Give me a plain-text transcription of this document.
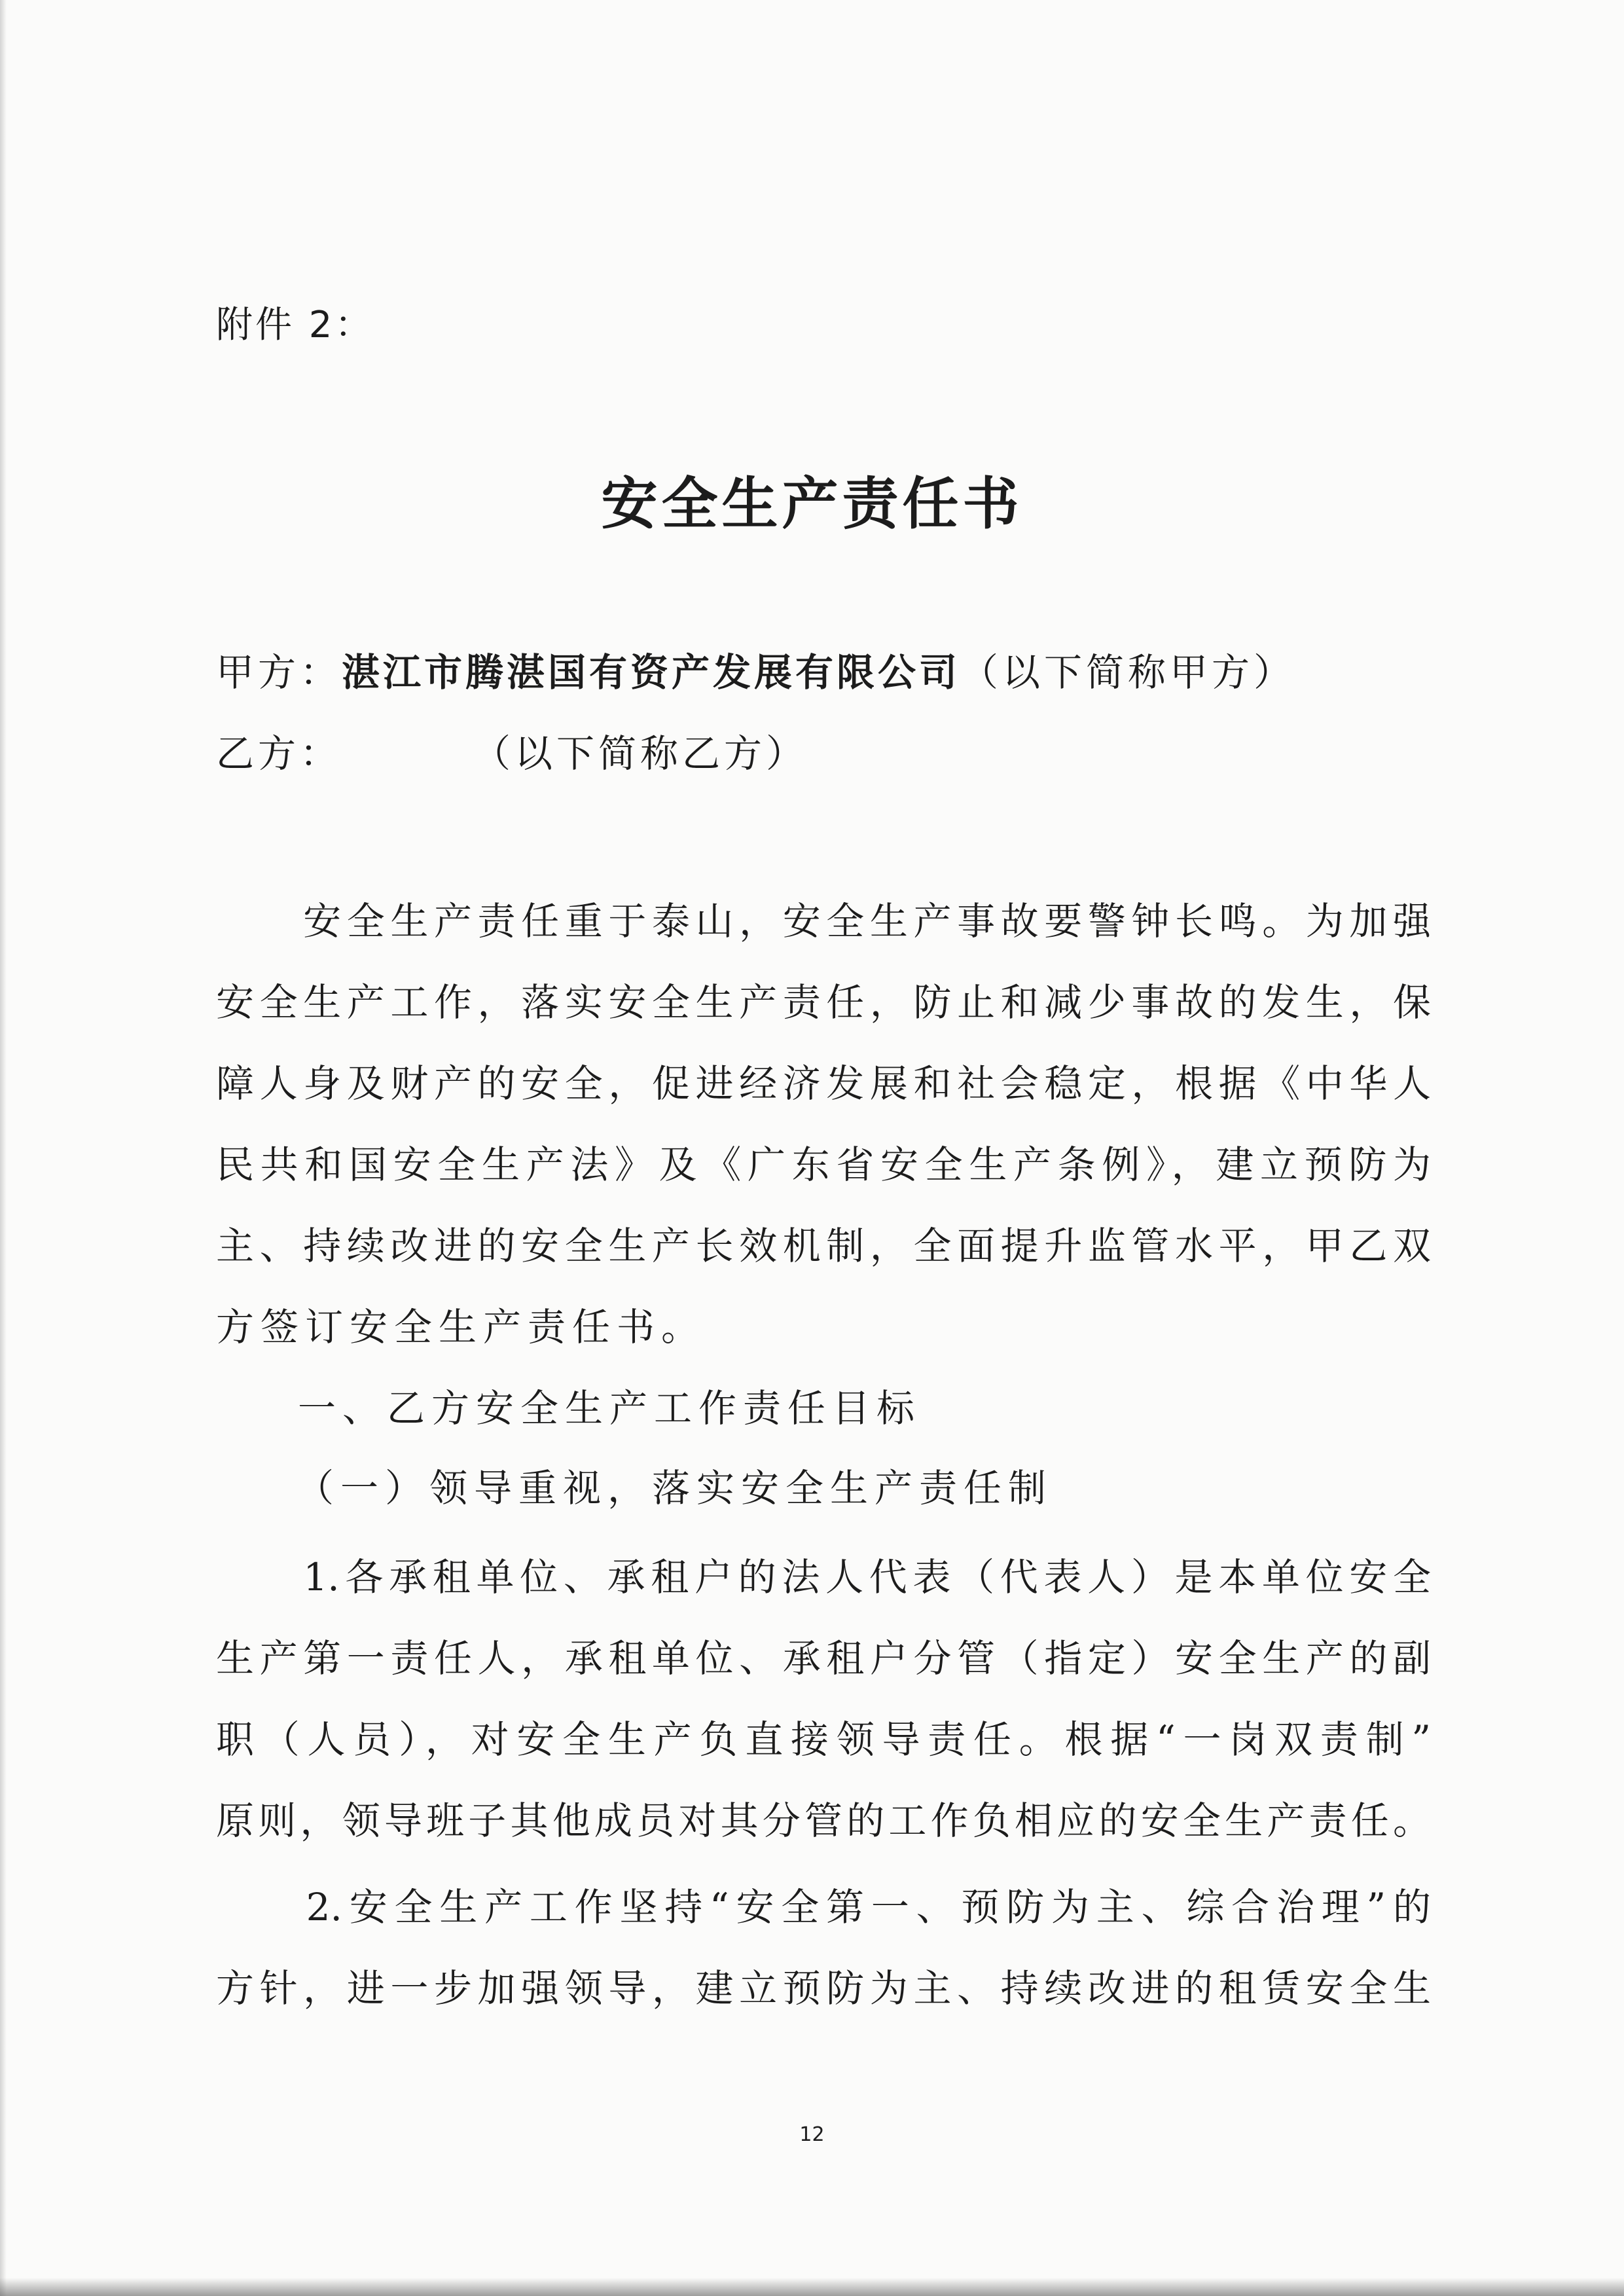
附件 2：
安全生产责任书
甲方：湛江市腾湛国有资产发展有限公司（以下简称甲方）
乙方：	（以下简称乙方）
　　安全生产责任重于泰山，安全生产事故要警钟长鸣。为加强
安全生产工作，落实安全生产责任，防止和减少事故的发生，保
障人身及财产的安全，促进经济发展和社会稳定，根据《中华人
民共和国安全生产法》及《广东省安全生产条例》，建立预防为
主、持续改进的安全生产长效机制，全面提升监管水平，甲乙双
方签订安全生产责任书。
一、乙方安全生产工作责任目标
（一）领导重视，落实安全生产责任制
　　1.各承租单位、承租户的法人代表（代表人）是本单位安全
生产第一责任人，承租单位、承租户分管（指定）安全生产的副
职（人员），对安全生产负直接领导责任。根据“一岗双责制”
原则，领导班子其他成员对其分管的工作负相应的安全生产责任。
　　2.安全生产工作坚持“安全第一、预防为主、综合治理”的
方针，进一步加强领导，建立预防为主、持续改进的租赁安全生
12
